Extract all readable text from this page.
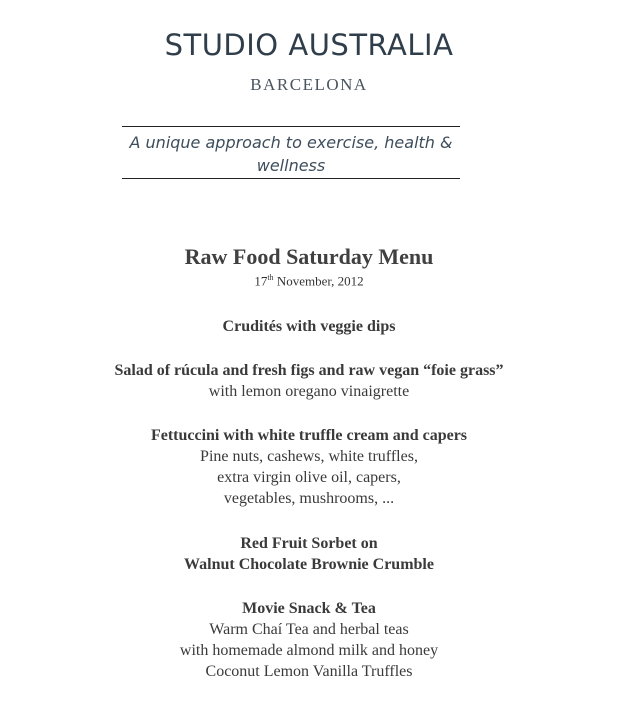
STUDIO AUSTRALIA
BARCELONA
A unique approach to exercise, health &
wellness
Raw Food Saturday Menu
17th November, 2012
Crudités with veggie dips
Salad of rúcula and fresh figs and raw vegan “foie grass”
with lemon oregano vinaigrette
Fettuccini with white truffle cream and capers
Pine nuts, cashews, white truffles,
extra virgin olive oil, capers,
vegetables, mushrooms, ...
Red Fruit Sorbet on
Walnut Chocolate Brownie Crumble
Movie Snack & Tea
Warm Chaí Tea and herbal teas
with homemade almond milk and honey
Coconut Lemon Vanilla Truffles
